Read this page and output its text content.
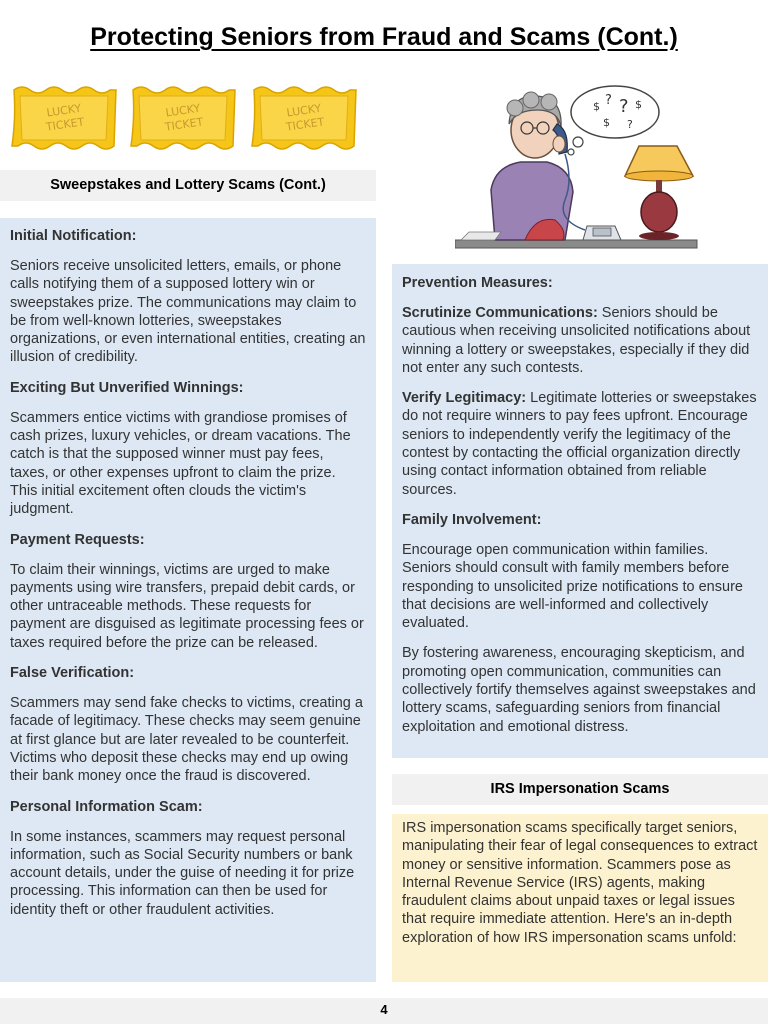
Protecting Seniors from Fraud and Scams (Cont.)
LUCKY
TICKET
LUCKY
TICKET
LUCKY
TICKET
$ ? ? $
$ ?
Sweepstakes and Lottery Scams (Cont.)
Initial Notification:

Seniors receive unsolicited letters, emails, or phone calls notifying them of a supposed lottery win or sweepstakes prize. The communications may claim to be from well-known lotteries, sweepstakes organizations, or even international entities, creating an illusion of credibility.

Exciting But Unverified Winnings:

Scammers entice victims with grandiose promises of cash prizes, luxury vehicles, or dream vacations. The catch is that the supposed winner must pay fees, taxes, or other expenses upfront to claim the prize. This initial excitement often clouds the victim's judgment.

Payment Requests:

To claim their winnings, victims are urged to make payments using wire transfers, prepaid debit cards, or other untraceable methods. These requests for payment are disguised as legitimate processing fees or taxes required before the prize can be released.

False Verification:

Scammers may send fake checks to victims, creating a facade of legitimacy. These checks may seem genuine at first glance but are later revealed to be counterfeit. Victims who deposit these checks may end up owing their bank money once the fraud is discovered.

Personal Information Scam:

In some instances, scammers may request personal information, such as Social Security numbers or bank account details, under the guise of needing it for prize processing. This information can then be used for identity theft or other fraudulent activities.

Prevention Measures:

Scrutinize Communications: Seniors should be cautious when receiving unsolicited notifications about winning a lottery or sweepstakes, especially if they did not enter any such contests.

Verify Legitimacy: Legitimate lotteries or sweepstakes do not require winners to pay fees upfront. Encourage seniors to independently verify the legitimacy of the contest by contacting the official organization directly using contact information obtained from reliable sources.

Family Involvement:

Encourage open communication within families. Seniors should consult with family members before responding to unsolicited prize notifications to ensure that decisions are well-informed and collectively evaluated.

By fostering awareness, encouraging skepticism, and promoting open communication, communities can collectively fortify themselves against sweepstakes and lottery scams, safeguarding seniors from financial exploitation and emotional distress.

IRS Impersonation Scams

IRS impersonation scams specifically target seniors, manipulating their fear of legal consequences to extract money or sensitive information. Scammers pose as Internal Revenue Service (IRS) agents, making fraudulent claims about unpaid taxes or legal issues that require immediate attention. Here's an in-depth exploration of how IRS impersonation scams unfold:

4
